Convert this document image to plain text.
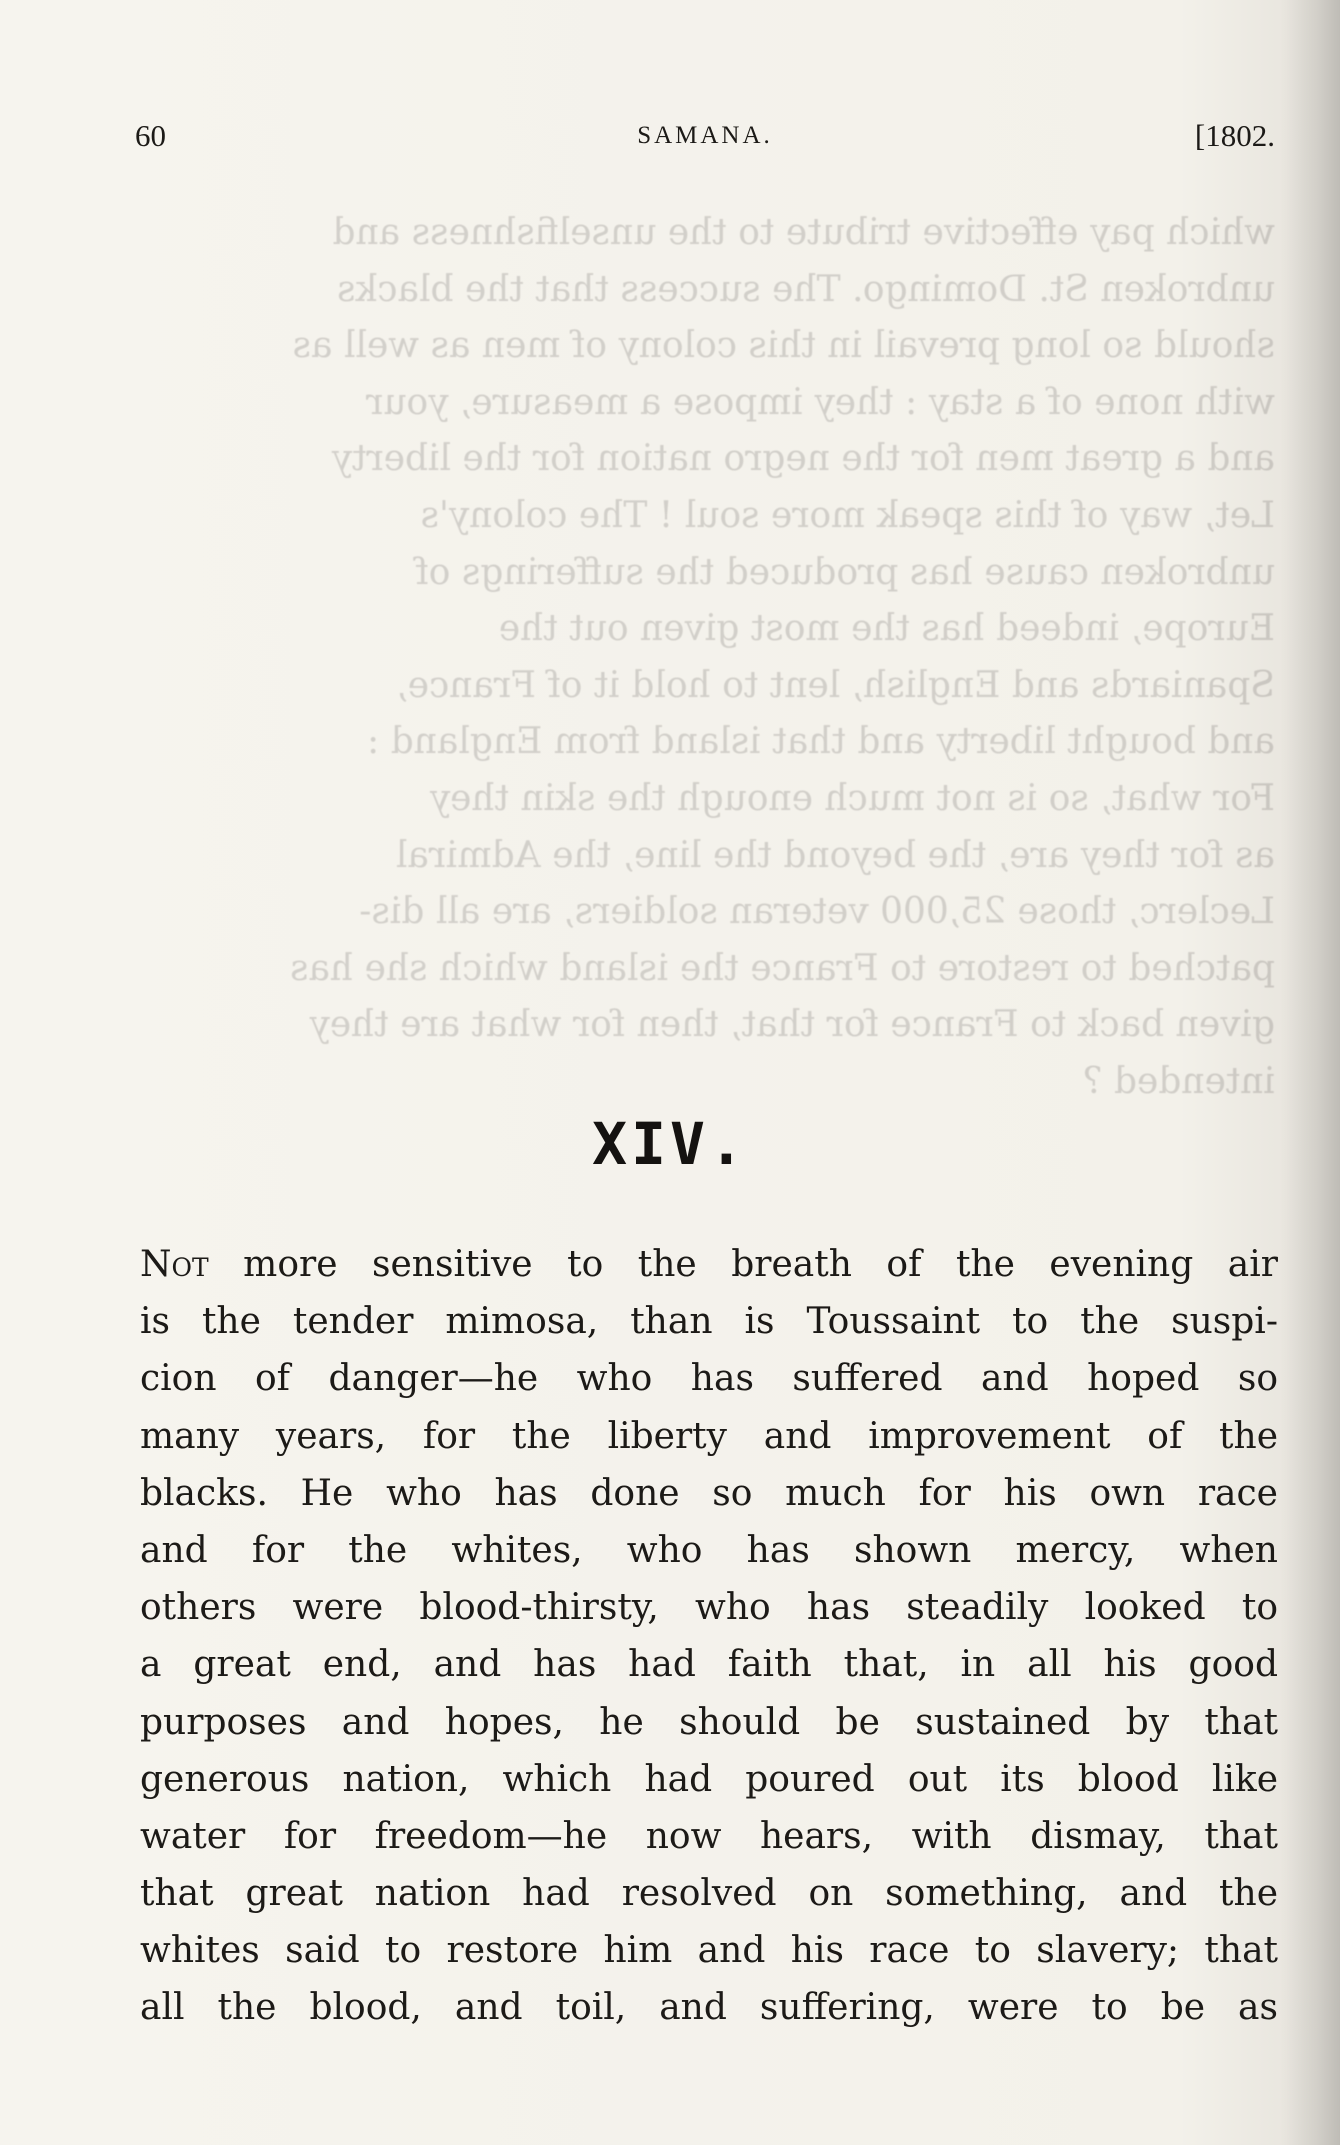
60	SAMANA.	[1802.
which pay effective tribute to the unselfishness and
unbroken St. Domingo. The success that the blacks
should so long prevail in this colony of men as well as
with none of a stay : they impose a measure, your
and a great men for the negro nation for the liberty
Let, way of this speak more soul ! The colony's
unbroken cause has produced the sufferings of
Europe, indeed has the most given out the
Spaniards and English, lent to hold it of France,
and bought liberty and that island from England :
For what, so is not much enough the skin they
as for they are, the beyond the line, the Admiral
Leclerc, those 25,000 veteran soldiers, are all dis-
patched to restore to France the island which she has
given back to France for that, then for what are they
intended ?
XIV.
Not more sensitive to the breath of the evening air
is the tender mimosa, than is Toussaint to the suspi-
cion of danger—he who has suffered and hoped so
many years, for the liberty and improvement of the
blacks. He who has done so much for his own race
and for the whites, who has shown mercy, when
others were blood-thirsty, who has steadily looked to
a great end, and has had faith that, in all his good
purposes and hopes, he should be sustained by that
generous nation, which had poured out its blood like
water for freedom—he now hears, with dismay, that
that great nation had resolved on something, and the
whites said to restore him and his race to slavery; that
all the blood, and toil, and suffering, were to be as
